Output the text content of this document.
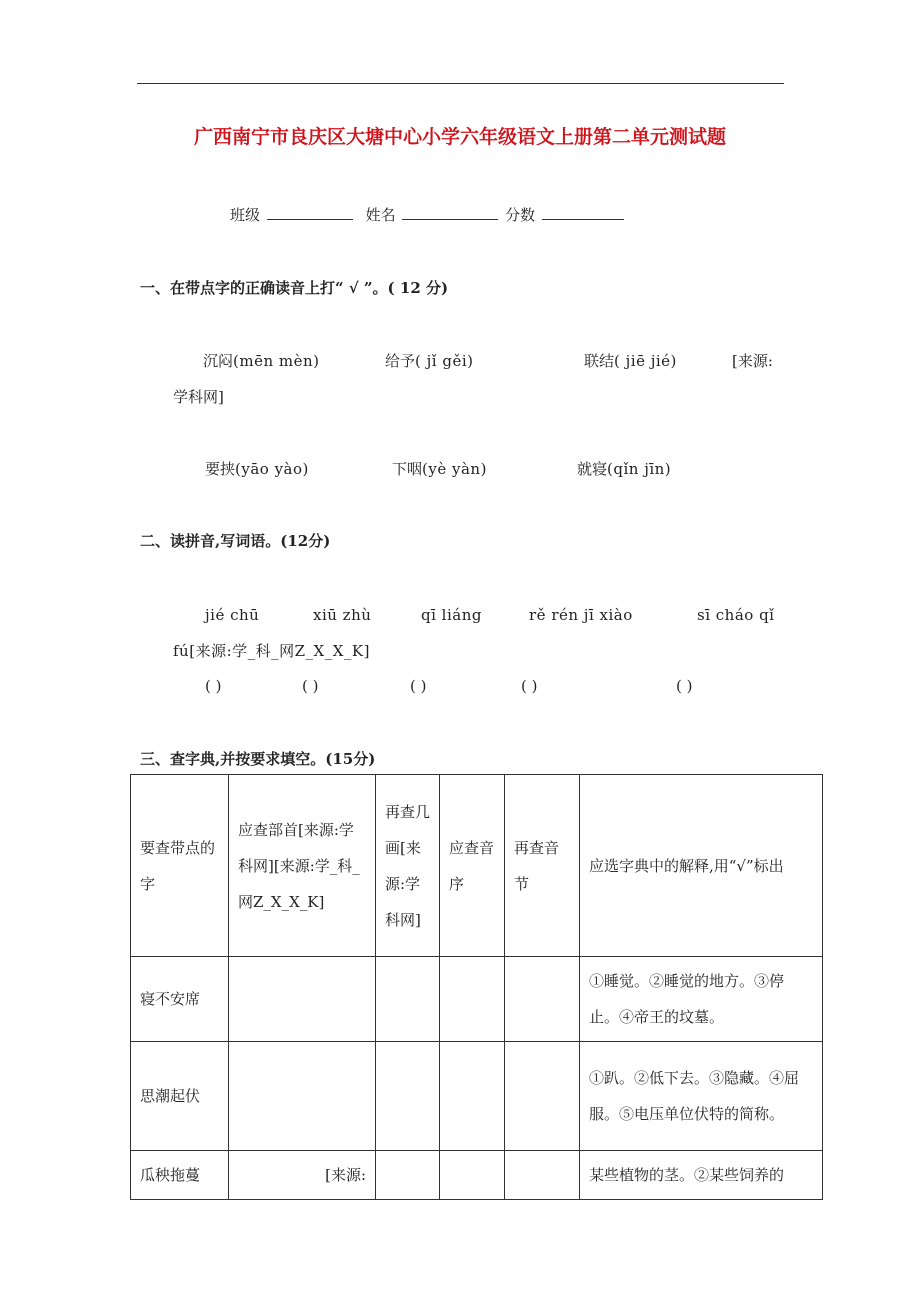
广西南宁市良庆区大塘中心小学六年级语文上册第二单元测试题
班级	姓名	分数
一、在带点字的正确读音上打“ √ ”。( 12 分)
沉闷(mēn mèn)	给予( jǐ gěi)	联结( jiē jié)	[来源:
学科网]
要挟(yāo yào)	下咽(yè yàn)	就寝(qǐn jīn)
二、读拼音,写词语。(12分)
jié chū	xiū zhù	qī liáng	rě rén jī xiào	sī cháo qǐ
fú[来源:学_科_网Z_X_X_K]
( )	( )	( )	( )	( )
三、查字典,并按要求填空。(15分)
要查带点的字	应查部首[来源:学科网][来源:学_科_网Z_X_X_K]	再查几画[来源:学科网]	应查音序	再查音节	应选字典中的解释,用“√”标出
寝不安席					①睡觉。②睡觉的地方。③停止。④帝王的坟墓。
思潮起伏					①趴。②低下去。③隐藏。④屈服。⑤电压单位伏特的简称。
瓜秧拖蔓	[来源:				某些植物的茎。②某些饲养的
